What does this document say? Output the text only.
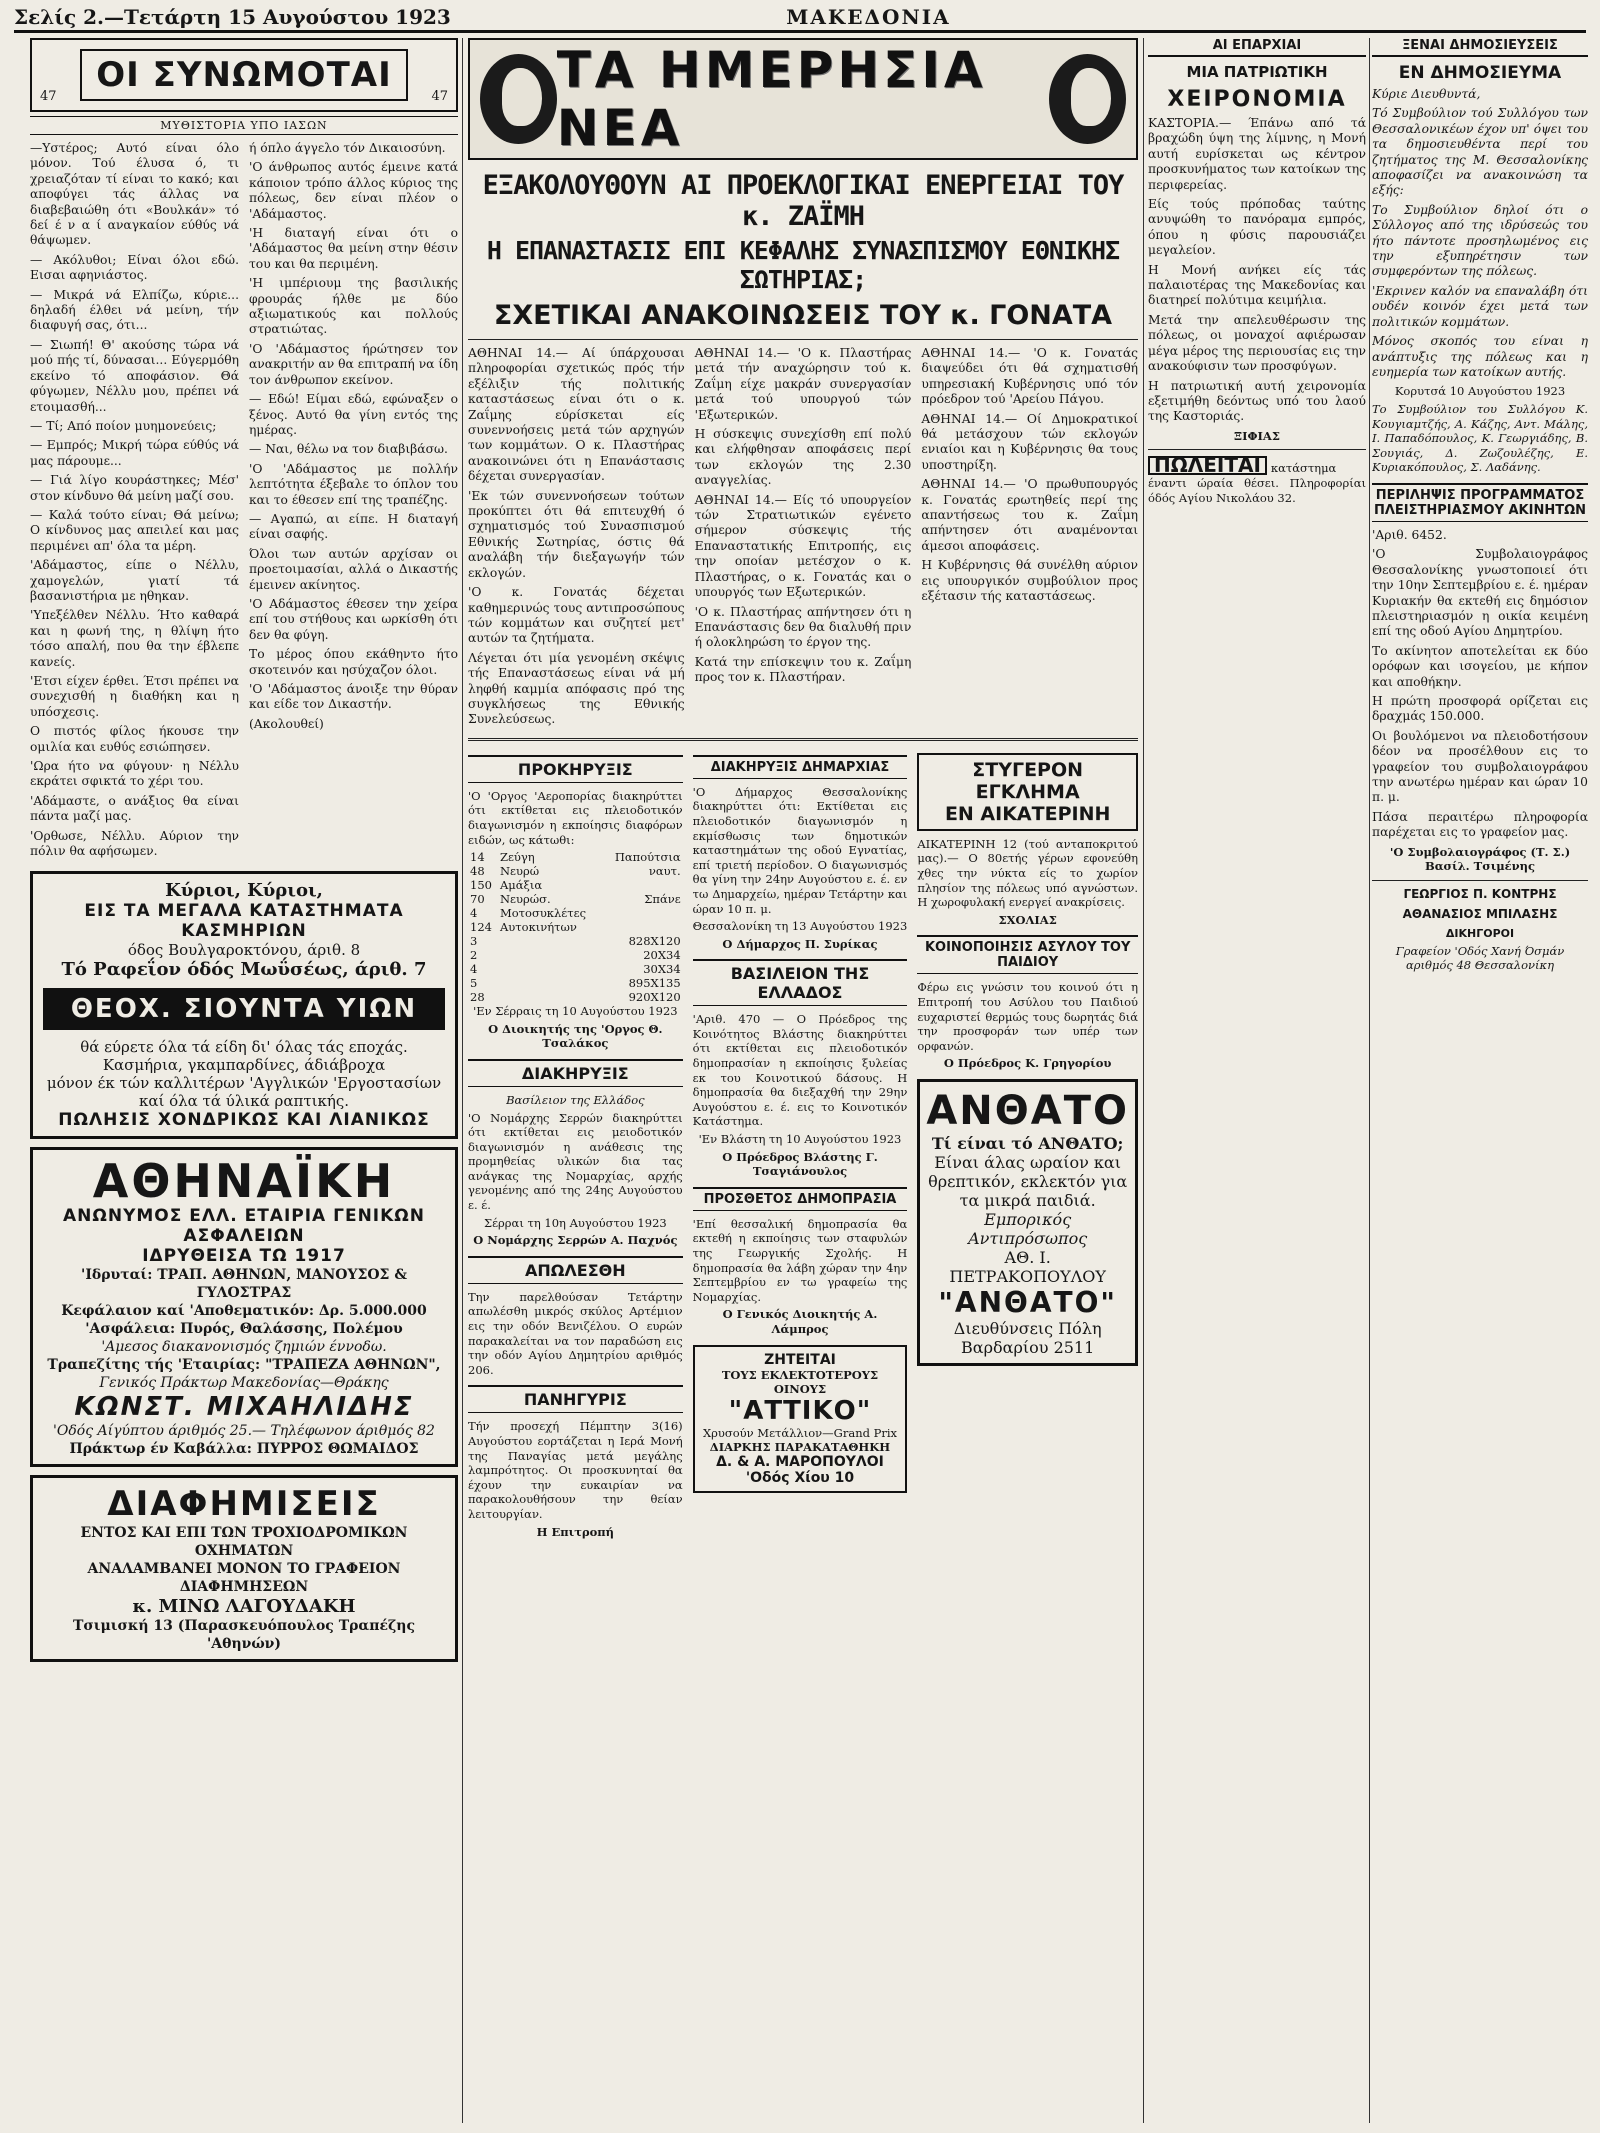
Σελίς 2.—Τετάρτη 15 Αυγούστου 1923	ΜΑΚΕΔΟΝΙΑ
47
ΟΙ ΣΥΝΩΜΟΤΑΙ
47
ΜΥΘΙΣΤΟΡΙΑ ΥΠΟ ΙΑΣΩΝ

—Υστέρος; Αυτό είναι όλο μόνον. Τού έλυσα ό, τι χρειαζόταν τί είναι το κακό; και αποφύγει τάς άλλας να διαβεβαιώθη ότι «Βουλκάν» τό δεί έ ν α ί αναγκαίον εύθύς νά θάψωμεν.

— Ακόλυθοι; Είναι όλοι εδώ. Εισαι αφηνιάστος.

— Μικρά νά Ελπίζω, κύριε... δηλαδή έλθει νά μείνη, τήν διαφυγή σας, ότι...

— Σιωπή! Θ' ακούσης τώρα νά μού πής τί, δύνασαι... Εύγερμόθη εκείνο τό αποφάσιον. Θά φύγωμεν, Νέλλυ μου, πρέπει νά ετοιμασθή...

— Τί; Από ποίον μυημονεύεις;

— Εμπρός; Μικρή τώρα εύθύς νά μας πάρουμε...

— Γιά λίγο κουράστηκες; Μέσ' στον κίνδυνο θά μείνη μαζί σου.

— Καλά τούτο είναι; Θά μείνω; Ο κίνδυνος μας απειλεί και μας περιμένει απ' όλα τα μέρη.

'Αδάμαστος, είπε ο Νέλλυ, χαμογελών, γιατί τά βασανιστήρια με ηθηκαν.

'Υπεξέλθεν Νέλλυ. Ήτο καθαρά και η φωνή της, η θλίψη ήτο τόσο απαλή, που θα την έβλεπε κανείς.

'Ετσι είχεν έρθει. Έτσι πρέπει να συνεχισθή η διαθήκη και η υπόσχεσις.

Ο πιστός φίλος ήκουσε την ομιλία και ευθύς εσιώπησεν.

'Ωρα ήτο να φύγουν· η Νέλλυ εκράτει σφικτά το χέρι του.

'Αδάμαστε, ο ανάξιος θα είναι πάντα μαζί μας.

'Ορθωσε, Νέλλυ. Αύριον την πόλιν θα αφήσωμεν.

ή όπλο άγγελο τόν Δικαιοσύνη.

'Ο άνθρωπος αυτός έμεινε κατά κάποιον τρόπο άλλος κύριος της πόλεως, δεν είναι πλέον ο 'Αδάμαστος.

'Η διαταγή είναι ότι ο 'Αδάμαστος θα μείνη στην θέσιν του και θα περιμένη.

'Η ιμπέριουμ της βασιλικής φρουράς ήλθε με δύο αξιωματικούς και πολλούς στρατιώτας.

'Ο 'Αδάμαστος ήρώτησεν τον ανακριτήν αν θα επιτραπή να ίδη τον άνθρωπον εκείνον.

— Εδώ! Είμαι εδώ, εφώναξεν ο ξένος. Αυτό θα γίνη εντός της ημέρας.

— Ναι, θέλω να τον διαβιβάσω.

'Ο 'Αδάμαστος με πολλήν λεπτότητα έξεβαλε το όπλον του και το έθεσεν επί της τραπέζης.

— Αγαπώ, αι είπε. Η διαταγή είναι σαφής.

Όλοι των αυτών αρχίσαν οι προετοιμασίαι, αλλά ο Δικαστής έμεινεν ακίνητος.

'Ο Αδάμαστος έθεσεν την χείρα επί του στήθους και ωρκίσθη ότι δεν θα φύγη.

Το μέρος όπου εκάθηντο ήτο σκοτεινόν και ησύχαζον όλοι.

'Ο 'Αδάμαστος άνοιξε την θύραν και είδε τον Δικαστήν.

(Ακολουθεί)

Κύριοι, Κύριοι,
ΕΙΣ ΤΑ ΜΕΓΑΛΑ ΚΑΤΑΣΤΗΜΑΤΑ ΚΑΣΜΗΡΙΩΝ
όδος Βουλγαροκτόνου, άριθ. 8
Τό Ραφεΐον όδός Μωΰσέως, άριθ. 7
ΘΕΟΧ. ΣΙΟΥΝΤΑ ΥΙΩΝ
θά εύρετε όλα τά είδη δι' όλας τάς εποχάς.
Κασμήρια, γκαμπαρδίνες, άδιάβροχα
μόνον έκ τών καλλιτέρων 'Αγγλικών 'Εργοστασίων
καί όλα τά ύλικά ραπτικής.
ΠΩΛΗΣΙΣ ΧΟΝΔΡΙΚΩΣ ΚΑΙ ΛΙΑΝΙΚΩΣ
ΑΘΗΝΑΪΚΗ
ΑΝΩΝΥΜΟΣ ΕΛΛ. ΕΤΑΙΡΙΑ ΓΕΝΙΚΩΝ ΑΣΦΑΛΕΙΩΝ
ΙΔΡΥΘΕΙΣΑ ΤΩ 1917
'Ιδρυταί: ΤΡΑΠ. ΑΘΗΝΩΝ, ΜΑΝΟΥΣΟΣ & ΓΥΛΟΣΤΡΑΣ
Κεφάλαιον καί 'Αποθεματικόν: Δρ. 5.000.000
'Ασφάλεια: Πυρός, Θαλάσσης, Πολέμου
'Αμεσος διακανονισμός ζημιών έννοδω.
Τραπεζίτης τής 'Εταιρίας: "ΤΡΑΠΕΖΑ ΑΘΗΝΩΝ",
Γενικός Πράκτωρ Μακεδονίας—Θράκης
ΚΩΝΣΤ. ΜΙΧΑΗΛΙΔΗΣ
'Οδός Αίγύπτου άριθμός 25.— Τηλέφωνον άριθμός 82
Πράκτωρ έν Καβάλλα: ΠΥΡΡΟΣ ΘΩΜΑΙΔΟΣ
ΔΙΑΦΗΜΙΣΕΙΣ
ΕΝΤΟΣ ΚΑΙ ΕΠΙ ΤΩΝ ΤΡΟΧΙΟΔΡΟΜΙΚΩΝ ΟΧΗΜΑΤΩΝ
ΑΝΑΛΑΜΒΑΝΕΙ ΜΟΝΟΝ ΤΟ ΓΡΑΦΕΙΟΝ ΔΙΑΦΗΜΗΣΕΩΝ
κ. ΜΙΝΩ ΛΑΓΟΥΔΑΚΗ
Τσιμισκή 13 (Παρασκευόπουλος Τραπέζης 'Αθηνών)
ΤΑ ΗΜΕΡΗΣΙΑ ΝΕΑ
ΕΞΑΚΟΛΟΥΘΟΥΝ ΑΙ ΠΡΟΕΚΛΟΓΙΚΑΙ ΕΝΕΡΓΕΙΑΙ ΤΟΥ κ. ΖΑΪΜΗ
Η ΕΠΑΝΑΣΤΑΣΙΣ ΕΠΙ ΚΕΦΑΛΗΣ ΣΥΝΑΣΠΙΣΜΟΥ ΕΘΝΙΚΗΣ ΣΩΤΗΡΙΑΣ;
ΣΧΕΤΙΚΑΙ ΑΝΑΚΟΙΝΩΣΕΙΣ ΤΟΥ κ. ΓΟΝΑΤΑ

ΑΘΗΝΑΙ 14.— Αί ύπάρχουσαι πληροφορίαι σχετικώς πρός τήν εξέλιξιν τής πολιτικής καταστάσεως είναι ότι ο κ. Ζαΐμης εύρίσκεται είς συνεννοήσεις μετά τών αρχηγών των κομμάτων. Ο κ. Πλαστήρας ανακοινώνει ότι η Επανάστασις δέχεται συνεργασίαν.

'Εκ τών συνεννοήσεων τούτων προκύπτει ότι θά επιτευχθή ό σχηματισμός τού Συνασπισμού Εθνικής Σωτηρίας, όστις θά αναλάβη τήν διεξαγωγήν τών εκλογών.

'Ο κ. Γονατάς δέχεται καθημερινώς τους αντιπροσώπους τών κομμάτων και συζητεί μετ' αυτών τα ζητήματα.

Λέγεται ότι μία γενομένη σκέψις τής Επαναστάσεως είναι νά μή ληφθή καμμία απόφασις πρό της συγκλήσεως της Εθνικής Συνελεύσεως.

ΑΘΗΝΑΙ 14.— 'Ο κ. Πλαστήρας μετά τήν αναχώρησιν τού κ. Ζαΐμη είχε μακράν συνεργασίαν μετά τού υπουργού τών 'Εξωτερικών.

Η σύσκεψις συνεχίσθη επί πολύ και ελήφθησαν αποφάσεις περί των εκλογών της 2.30 αναγγελίας.

ΑΘΗΝΑΙ 14.— Είς τό υπουργείον τών Στρατιωτικών εγένετο σήμερον σύσκεψις τής Επαναστατικής Επιτροπής, εις την οποίαν μετέσχον ο κ. Πλαστήρας, ο κ. Γονατάς και ο υπουργός των Εξωτερικών.

'Ο κ. Πλαστήρας απήντησεν ότι η Επανάστασις δεν θα διαλυθή πριν ή ολοκληρώση το έργον της.

Κατά την επίσκεψιν του κ. Ζαΐμη προς τον κ. Πλαστήραν.

ΑΘΗΝΑΙ 14.— 'Ο κ. Γονατάς διαψεύδει ότι θά σχηματισθή υπηρεσιακή Κυβέρνησις υπό τόν πρόεδρον τού 'Αρείου Πάγου.

ΑΘΗΝΑΙ 14.— Οί Δημοκρατικοί θά μετάσχουν τών εκλογών ενιαίοι και η Κυβέρνησις θα τους υποστηρίξη.

ΑΘΗΝΑΙ 14.— 'Ο πρωθυπουργός κ. Γονατάς ερωτηθείς περί της απαντήσεως του κ. Ζαΐμη απήντησεν ότι αναμένονται άμεσοι αποφάσεις.

Η Κυβέρνησις θά συνέλθη αύριον εις υπουργικόν συμβούλιον προς εξέτασιν τής καταστάσεως.

ΠΡΟΚΗΡΥΞΙΣ

'Ο 'Οργος 'Αεροπορίας διακηρύττει ότι εκτίθεται εις πλειοδοτικόν διαγωνισμόν η εκποίησις διαφόρων ειδών, ως κάτωθι:

14	Ζεύγη	Παπούτσια
48	Νευρώ	ναυτ.
150	Αμάξια	
70	Νευρώσ.	Σπάνε
4	Μοτοσυκλέτες	
124	Αυτοκινήτων	
3		828Χ120
2		20Χ34
4		30Χ34
5		895Χ135
28		920Χ120

'Εν Σέρραις τη 10 Αυγούστου 1923

Ο Διοικητής της 'Οργος Θ. Τσαλάκος

ΔΙΑΚΗΡΥΞΙΣ

Βασίλειον της Ελλάδος

'Ο Νομάρχης Σερρών διακηρύττει ότι εκτίθεται εις μειοδοτικόν διαγωνισμόν η ανάθεσις της προμηθείας υλικών δια τας ανάγκας της Νομαρχίας, αρχής γενομένης από της 24ης Αυγούστου ε. έ.

Σέρραι τη 10η Αυγούστου 1923

Ο Νομάρχης Σερρών Α. Παχνός

ΑΠΩΛΕΣΘΗ

Την παρελθούσαν Τετάρτην απωλέσθη μικρός σκύλος Αρτέμιον εις την οδόν Βενιζέλου. Ο ευρών παρακαλείται να τον παραδώση εις την οδόν Αγίου Δημητρίου αριθμός 206.

ΠΑΝΗΓΥΡΙΣ

Τήν προσεχή Πέμπτην 3(16) Αυγούστου εορτάζεται η Ιερά Μονή της Παναγίας μετά μεγάλης λαμπρότητος. Οι προσκυνηταί θα έχουν την ευκαιρίαν να παρακολουθήσουν την θείαν λειτουργίαν.

Η Επιτροπή

ΔΙΑΚΗΡΥΞΙΣ ΔΗΜΑΡΧΙΑΣ

'Ο Δήμαρχος Θεσσαλονίκης διακηρύττει ότι: Εκτίθεται εις πλειοδοτικόν διαγωνισμόν η εκμίσθωσις των δημοτικών καταστημάτων της οδού Εγνατίας, επί τριετή περίοδον. Ο διαγωνισμός θα γίνη την 24ην Αυγούστου ε. έ. εν τω Δημαρχείω, ημέραν Τετάρτην και ώραν 10 π. μ.

Θεσσαλονίκη τη 13 Αυγούστου 1923

Ο Δήμαρχος Π. Συρίκας

ΒΑΣΙΛΕΙΟΝ ΤΗΣ ΕΛΛΑΔΟΣ

'Αριθ. 470 — Ο Πρόεδρος της Κοινότητος Βλάστης διακηρύττει ότι εκτίθεται εις πλειοδοτικόν δημοπρασίαν η εκποίησις ξυλείας εκ του Κοινοτικού δάσους. Η δημοπρασία θα διεξαχθή την 29ην Αυγούστου ε. έ. εις το Κοινοτικόν Κατάστημα.

'Εν Βλάστη τη 10 Αυγούστου 1923

Ο Πρόεδρος Βλάστης Γ. Τσαγιάνουλος

ΠΡΟΣΘΕΤΟΣ ΔΗΜΟΠΡΑΣΙΑ

'Επί θεσσαλική δημοπρασία θα εκτεθή η εκποίησις των σταφυλών της Γεωργικής Σχολής. Η δημοπρασία θα λάβη χώραν την 4ην Σεπτεμβρίου εν τω γραφείω της Νομαρχίας.

Ο Γενικός Διοικητής Α. Λάμπρος

ΖΗΤΕΙΤΑΙ
ΤΟΥΣ ΕΚΛΕΚΤΟΤΕΡΟΥΣ ΟΙΝΟΥΣ
"ΑΤΤΙΚΟ"
Χρυσούν Μετάλλιον—Grand Prix
ΔΙΑΡΚΗΣ ΠΑΡΑΚΑΤΑΘΗΚΗ
Δ. & Α. ΜΑΡΟΠΟΥΛΟΙ
'Οδός Χίου 10
ΣΤΥΓΕΡΟΝ ΕΓΚΛΗΜΑ
ΕΝ ΑΙΚΑΤΕΡΙΝΗ

ΑΙΚΑΤΕΡΙΝΗ 12 (τού ανταποκριτού μας).— Ο 80ετής γέρων εφονεύθη χθες την νύκτα είς το χωρίον πλησίον της πόλεως υπό αγνώστων. Η χωροφυλακή ενεργεί ανακρίσεις.

ΣΧΟΛΙΑΣ

ΚΟΙΝΟΠΟΙΗΣΙΣ ΑΣΥΛΟΥ ΤΟΥ ΠΑΙΔΙΟΥ

Φέρω εις γνώσιν του κοινού ότι η Επιτροπή του Ασύλου του Παιδιού ευχαριστεί θερμώς τους δωρητάς διά την προσφοράν των υπέρ των ορφανών.

Ο Πρόεδρος Κ. Γρηγορίου

ΑΝΘΑΤΟ
Τί είναι τό ΑΝΘΑΤΟ;
Είναι άλας ωραίον και θρεπτικόν, εκλεκτόν για τα μικρά παιδιά.
Εμπορικός Αντιπρόσωπος
ΑΘ. Ι. ΠΕΤΡΑΚΟΠΟΥΛΟΥ
"ΑΝΘΑΤΟ"
Διευθύνσεις Πόλη Βαρδαρίου 2511
ΑΙ ΕΠΑΡΧΙΑΙ
ΜΙΑ ΠΑΤΡΙΩΤΙΚΗ
ΧΕΙΡΟΝΟΜΙΑ

ΚΑΣΤΟΡΙΑ.— Έπάνω από τά βραχώδη ύψη της λίμνης, η Μονή αυτή ευρίσκεται ως κέντρον προσκυνήματος των κατοίκων της περιφερείας.

Είς τούς πρόποδας ταύτης ανυψώθη το πανόραμα εμπρός, όπου η φύσις παρουσιάζει μεγαλείον.

Η Μονή ανήκει είς τάς παλαιοτέρας της Μακεδονίας και διατηρεί πολύτιμα κειμήλια.

Μετά την απελευθέρωσιν της πόλεως, οι μοναχοί αφιέρωσαν μέγα μέρος της περιουσίας εις την ανακούφισιν των προσφύγων.

Η πατριωτική αυτή χειρονομία εξετιμήθη δεόντως υπό του λαού της Καστοριάς.

ΞΙΦΙΑΣ

ΠΩΛΕΙΤΑΙ κατάστημα έναντι ώραία θέσει. Πληροφορίαι όδός Αγίου Νικολάου 32.

ΞΕΝΑΙ ΔΗΜΟΣΙΕΥΣΕΙΣ
ΕΝ ΔΗΜΟΣΙΕΥΜΑ

Κύριε Διευθυντά,

Τό Συμβούλιον τού Συλλόγου των Θεσσαλονικέων έχον υπ' όψει του τα δημοσιευθέντα περί του ζητήματος της Μ. Θεσσαλονίκης αποφασίζει να ανακοινώση τα εξής:

Το Συμβούλιον δηλοί ότι ο Σύλλογος από της ιδρύσεώς του ήτο πάντοτε προσηλωμένος εις την εξυπηρέτησιν των συμφερόντων της πόλεως.

'Εκρινεν καλόν να επαναλάβη ότι ουδέν κοινόν έχει μετά των πολιτικών κομμάτων.

Μόνος σκοπός του είναι η ανάπτυξις της πόλεως και η ευημερία των κατοίκων αυτής.

Κορυτσά 10 Αυγούστου 1923

Το Συμβούλιον του Συλλόγου Κ. Κουγιαμτζής, Α. Κάζης, Αντ. Μάλης, Ι. Παπαδόπουλος, Κ. Γεωργιάδης, Β. Σουγιάς, Δ. Ζωζουλέζης, Ε. Κυριακόπουλος, Σ. Λαδάνης.

ΠΕΡΙΛΗΨΙΣ ΠΡΟΓΡΑΜΜΑΤΟΣ ΠΛΕΙΣΤΗΡΙΑΣΜΟΥ ΑΚΙΝΗΤΩΝ

'Αριθ. 6452.

'Ο Συμβολαιογράφος Θεσσαλονίκης γνωστοποιεί ότι την 10ην Σεπτεμβρίου ε. έ. ημέραν Κυριακήν θα εκτεθή εις δημόσιον πλειστηριασμόν η οικία κειμένη επί της οδού Αγίου Δημητρίου.

Το ακίνητον αποτελείται εκ δύο ορόφων και ισογείου, με κήπον και αποθήκην.

Η πρώτη προσφορά ορίζεται εις δραχμάς 150.000.

Οι βουλόμενοι να πλειοδοτήσουν δέον να προσέλθουν εις το γραφείον του συμβολαιογράφου την ανωτέρω ημέραν και ώραν 10 π. μ.

Πάσα περαιτέρω πληροφορία παρέχεται εις το γραφείον μας.

'Ο Συμβολαιογράφος (Τ. Σ.) Βασίλ. Τσιμένης

ΓΕΩΡΓΙΟΣ Π. ΚΟΝΤΡΗΣ
ΑΘΑΝΑΣΙΟΣ ΜΠΙΛΑΣΗΣ
ΔΙΚΗΓΟΡΟΙ

Γραφείον 'Οδός Χανή Όσμάν αριθμός 48 Θεσσαλονίκη
